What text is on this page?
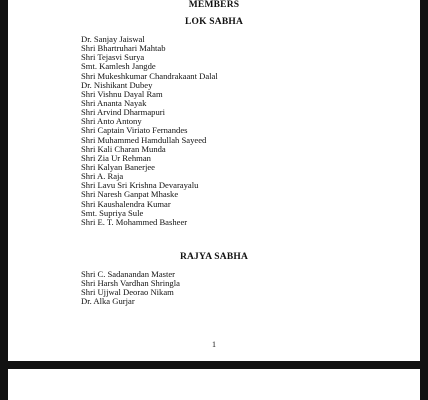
MEMBERS
LOK SABHA
Dr. Sanjay Jaiswal
Shri Bhartruhari Mahtab
Shri Tejasvi Surya
Smt. Kamlesh Jangde
Shri Mukeshkumar Chandrakaant Dalal
Dr. Nishikant Dubey
Shri Vishnu Dayal Ram
Shri Ananta Nayak
Shri Arvind Dharmapuri
Shri Anto Antony
Shri Captain Viriato Fernandes
Shri Muhammed Hamdullah Sayeed
Shri Kali Charan Munda
Shri Zia Ur Rehman
Shri Kalyan Banerjee
Shri A. Raja
Shri Lavu Sri Krishna Devarayalu
Shri Naresh Ganpat Mhaske
Shri Kaushalendra Kumar
Smt. Supriya Sule
Shri E. T. Mohammed Basheer
RAJYA SABHA
Shri C. Sadanandan Master
Shri Harsh Vardhan Shringla
Shri Ujjwal Deorao Nikam
Dr. Alka Gurjar
1
